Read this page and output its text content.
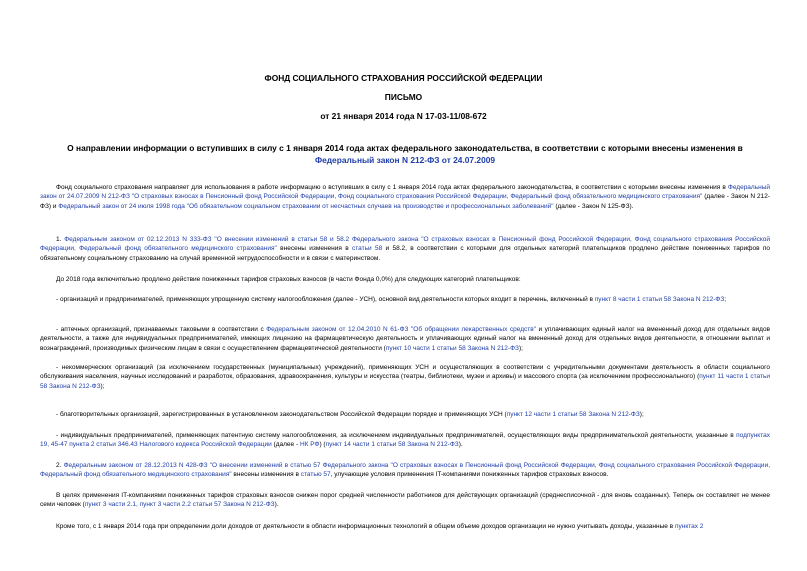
ФОНД СОЦИАЛЬНОГО СТРАХОВАНИЯ РОССИЙСКОЙ ФЕДЕРАЦИИ
ПИСЬМО
от 21 января 2014 года N 17-03-11/08-672
О направлении информации о вступивших в силу с 1 января 2014 года актах федерального законодательства, в соответствии с которыми внесены изменения в Федеральный закон N 212-ФЗ от 24.07.2009
Фонд социального страхования направляет для использования в работе информацию о вступивших в силу с 1 января 2014 года актах федерального законодательства, в соответствии с которыми внесены изменения в Федеральный закон от 24.07.2009 N 212-ФЗ "О страховых взносах в Пенсионный фонд Российской Федерации, Фонд социального страхования Российской Федерации, Федеральный фонд обязательного медицинского страхования" (далее - Закон N 212-ФЗ) и Федеральный закон от 24 июля 1998 года "Об обязательном социальном страховании от несчастных случаев на производстве и профессиональных заболеваний" (далее - Закон N 125-ФЗ).
1. Федеральным законом от 02.12.2013 N 333-ФЗ "О внесении изменений в статьи 58 и 58.2 Федерального закона "О страховых взносах в Пенсионный фонд Российской Федерации, Фонд социального страхования Российской Федерации, Федеральный фонд обязательного медицинского страхования" внесены изменения в статьи 58 и 58.2, в соответствии с которыми для отдельных категорий плательщиков продлено действие пониженных тарифов по обязательному социальному страхованию на случай временной нетрудоспособности и в связи с материнством.
До 2018 года включительно продлено действие пониженных тарифов страховых взносов (в части Фонда 0,0%) для следующих категорий плательщиков:
- организаций и предпринимателей, применяющих упрощенную систему налогообложения (далее - УСН), основной вид деятельности которых входит в перечень, включенный в пункт 8 части 1 статьи 58 Закона N 212-ФЗ;
- аптечных организаций, признаваемых таковыми в соответствии с Федеральным законом от 12.04.2010 N 61-ФЗ "Об обращении лекарственных средств" и уплачивающих единый налог на вмененный доход для отдельных видов деятельности, а также для индивидуальных предпринимателей, имеющих лицензию на фармацевтическую деятельность и уплачивающих единый налог на вмененный доход для отдельных видов деятельности, в отношении выплат и вознаграждений, производимых физическим лицам в связи с осуществлением фармацевтической деятельности (пункт 10 части 1 статьи 58 Закона N 212-ФЗ);
- некоммерческих организаций (за исключением государственных (муниципальных) учреждений), применяющих УСН и осуществляющих в соответствии с учредительными документами деятельность в области социального обслуживания населения, научных исследований и разработок, образования, здравоохранения, культуры и искусства (театры, библиотеки, музеи и архивы) и массового спорта (за исключением профессионального) (пункт 11 части 1 статьи 58 Закона N 212-ФЗ);
- благотворительных организаций, зарегистрированных в установленном законодательством Российской Федерации порядке и применяющих УСН (пункт 12 части 1 статьи 58 Закона N 212-ФЗ);
- индивидуальных предпринимателей, применяющих патентную систему налогообложения, за исключением индивидуальных предпринимателей, осуществляющих виды предпринимательской деятельности, указанные в подпунктах 19, 45-47 пункта 2 статьи 346.43 Налогового кодекса Российской Федерации (далее - НК РФ) (пункт 14 части 1 статьи 58 Закона N 212-ФЗ).
2. Федеральным законом от 28.12.2013 N 428-ФЗ "О внесении изменений в статью 57 Федерального закона "О страховых взносах в Пенсионный фонд Российской Федерации, Фонд социального страхования Российской Федерации, Федеральный фонд обязательного медицинского страхования" внесены изменения в статью 57, улучающие условия применения IT-компаниями пониженных тарифов страховых взносов.
В целях применения IT-компаниями пониженных тарифов страховых взносов снижен порог средней численности работников для действующих организаций (среднесписочной - для вновь созданных). Теперь он составляет не менее семи человек (пункт 3 части 2.1, пункт 3 части 2.2 статьи 57 Закона N 212-ФЗ).
Кроме того, с 1 января 2014 года при определении доли доходов от деятельности в области информационных технологий в общем объеме доходов организации не нужно учитывать доходы, указанные в пунктах 2
